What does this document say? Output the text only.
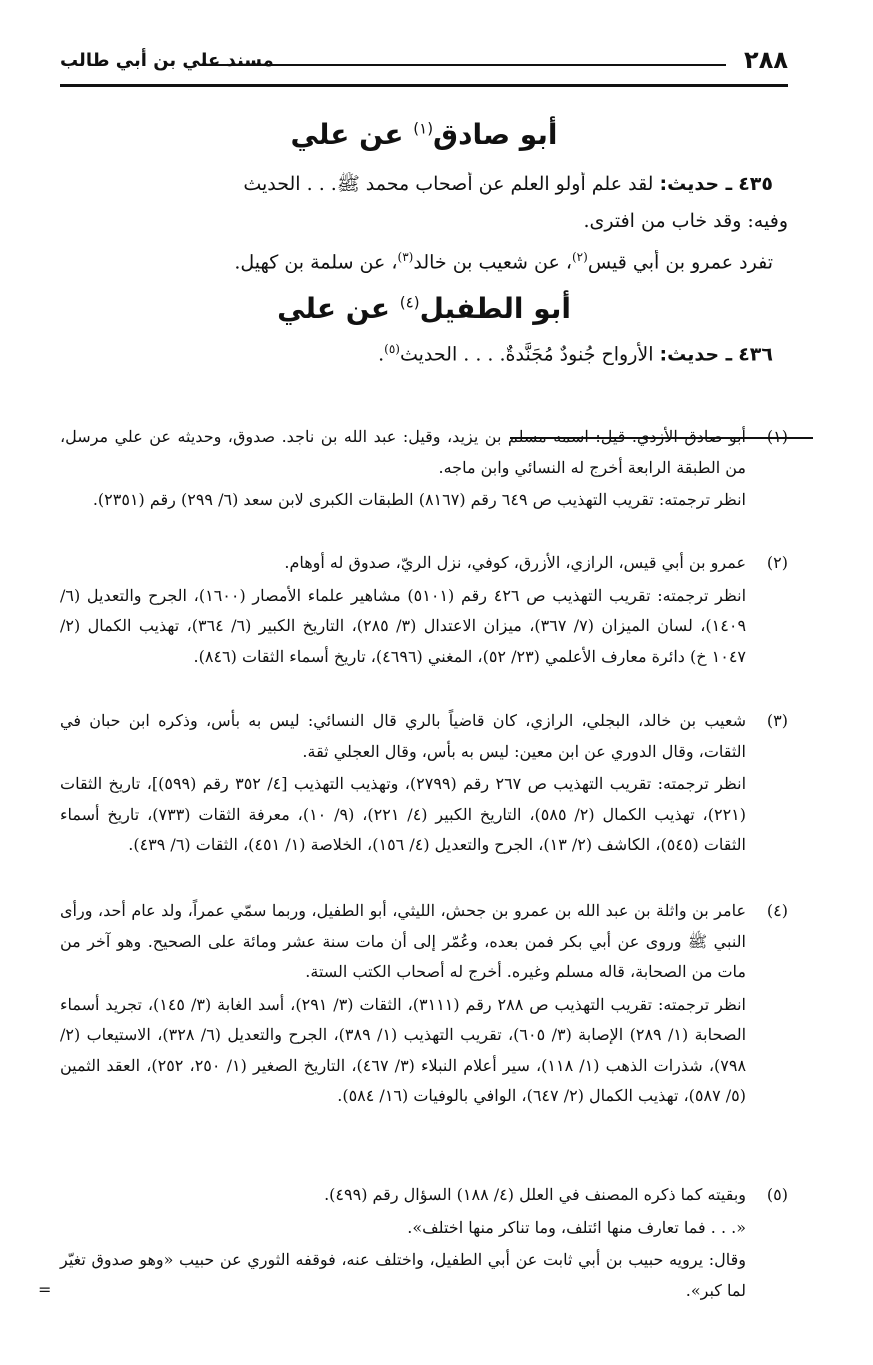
٢٨٨
مسند علي بن أبي طالب
أبو صادق$^{(١)}$ عن علي
٤٣٥ ـ حديث: لقد علم أولو العلم عن أصحاب محمد ﷺ. . . الحديث
وفيه: وقد خاب من افترى.
تفرد عمرو بن أبي قيس$^{(٢)}$، عن شعيب بن خالد$^{(٣)}$، عن سلمة بن كهيل.
أبو الطفيل$^{(٤)}$ عن علي
٤٣٦ ـ حديث: الأرواح جُنودٌ مُجَنَّدةٌ. . . . الحديث$^{(٥)}$.
(١)

أبو صادق الأزدي. قيل: اسمه مسلم بن يزيد، وقيل: عبد الله بن ناجد. صدوق، وحديثه عن علي مرسل، من الطبقة الرابعة أخرج له النسائي وابن ماجه.

انظر ترجمته: تقريب التهذيب ص ٦٤٩ رقم (٨١٦٧) الطبقات الكبرى لابن سعد (٦/ ٢٩٩) رقم (٢٣٥١).

(٢)

عمرو بن أبي قيس، الرازي، الأزرق، كوفي، نزل الريّ، صدوق له أوهام.

انظر ترجمته: تقريب التهذيب ص ٤٢٦ رقم (٥١٠١) مشاهير علماء الأمصار (١٦٠٠)، الجرح والتعديل (٦/ ١٤٠٩)، لسان الميزان (٧/ ٣٦٧)، ميزان الاعتدال (٣/ ٢٨٥)، التاريخ الكبير (٦/ ٣٦٤)، تهذيب الكمال (٢/ ١٠٤٧ خ) دائرة معارف الأعلمي (٢٣/ ٥٢)، المغني (٤٦٩٦)، تاريخ أسماء الثقات (٨٤٦).

(٣)

شعيب بن خالد، البجلي، الرازي، كان قاضياً بالري قال النسائي: ليس به بأس، وذكره ابن حبان في الثقات، وقال الدوري عن ابن معين: ليس به بأس، وقال العجلي ثقة.

انظر ترجمته: تقريب التهذيب ص ٢٦٧ رقم (٢٧٩٩)، وتهذيب التهذيب [٤/ ٣٥٢ رقم (٥٩٩)]، تاريخ الثقات (٢٢١)، تهذيب الكمال (٢/ ٥٨٥)، التاريخ الكبير (٤/ ٢٢١)، (٩/ ١٠)، معرفة الثقات (٧٣٣)، تاريخ أسماء الثقات (٥٤٥)، الكاشف (٢/ ١٣)، الجرح والتعديل (٤/ ١٥٦)، الخلاصة (١/ ٤٥١)، الثقات (٦/ ٤٣٩).

(٤)

عامر بن واثلة بن عبد الله بن عمرو بن جحش، الليثي، أبو الطفيل، وربما سمّي عمراً، ولد عام أحد، ورأى النبي ﷺ وروى عن أبي بكر فمن بعده، وعُمّر إلى أن مات سنة عشر ومائة على الصحيح. وهو آخر من مات من الصحابة، قاله مسلم وغيره. أخرج له أصحاب الكتب الستة.

انظر ترجمته: تقريب التهذيب ص ٢٨٨ رقم (٣١١١)، الثقات (٣/ ٢٩١)، أسد الغابة (٣/ ١٤٥)، تجريد أسماء الصحابة (١/ ٢٨٩) الإصابة (٣/ ٦٠٥)، تقريب التهذيب (١/ ٣٨٩)، الجرح والتعديل (٦/ ٣٢٨)، الاستيعاب (٢/ ٧٩٨)، شذرات الذهب (١/ ١١٨)، سير أعلام النبلاء (٣/ ٤٦٧)، التاريخ الصغير (١/ ٢٥٠، ٢٥٢)، العقد الثمين (٥/ ٥٨٧)، تهذيب الكمال (٢/ ٦٤٧)، الوافي بالوفيات (١٦/ ٥٨٤).

(٥)

وبقيته كما ذكره المصنف في العلل (٤/ ١٨٨) السؤال رقم (٤٩٩).

«. . . فما تعارف منها ائتلف، وما تناكر منها اختلف».

وقال: يرويه حبيب بن أبي ثابت عن أبي الطفيل، واختلف عنه، فوقفه الثوري عن حبيب «وهو صدوق تغيّر لما كبر».

=
